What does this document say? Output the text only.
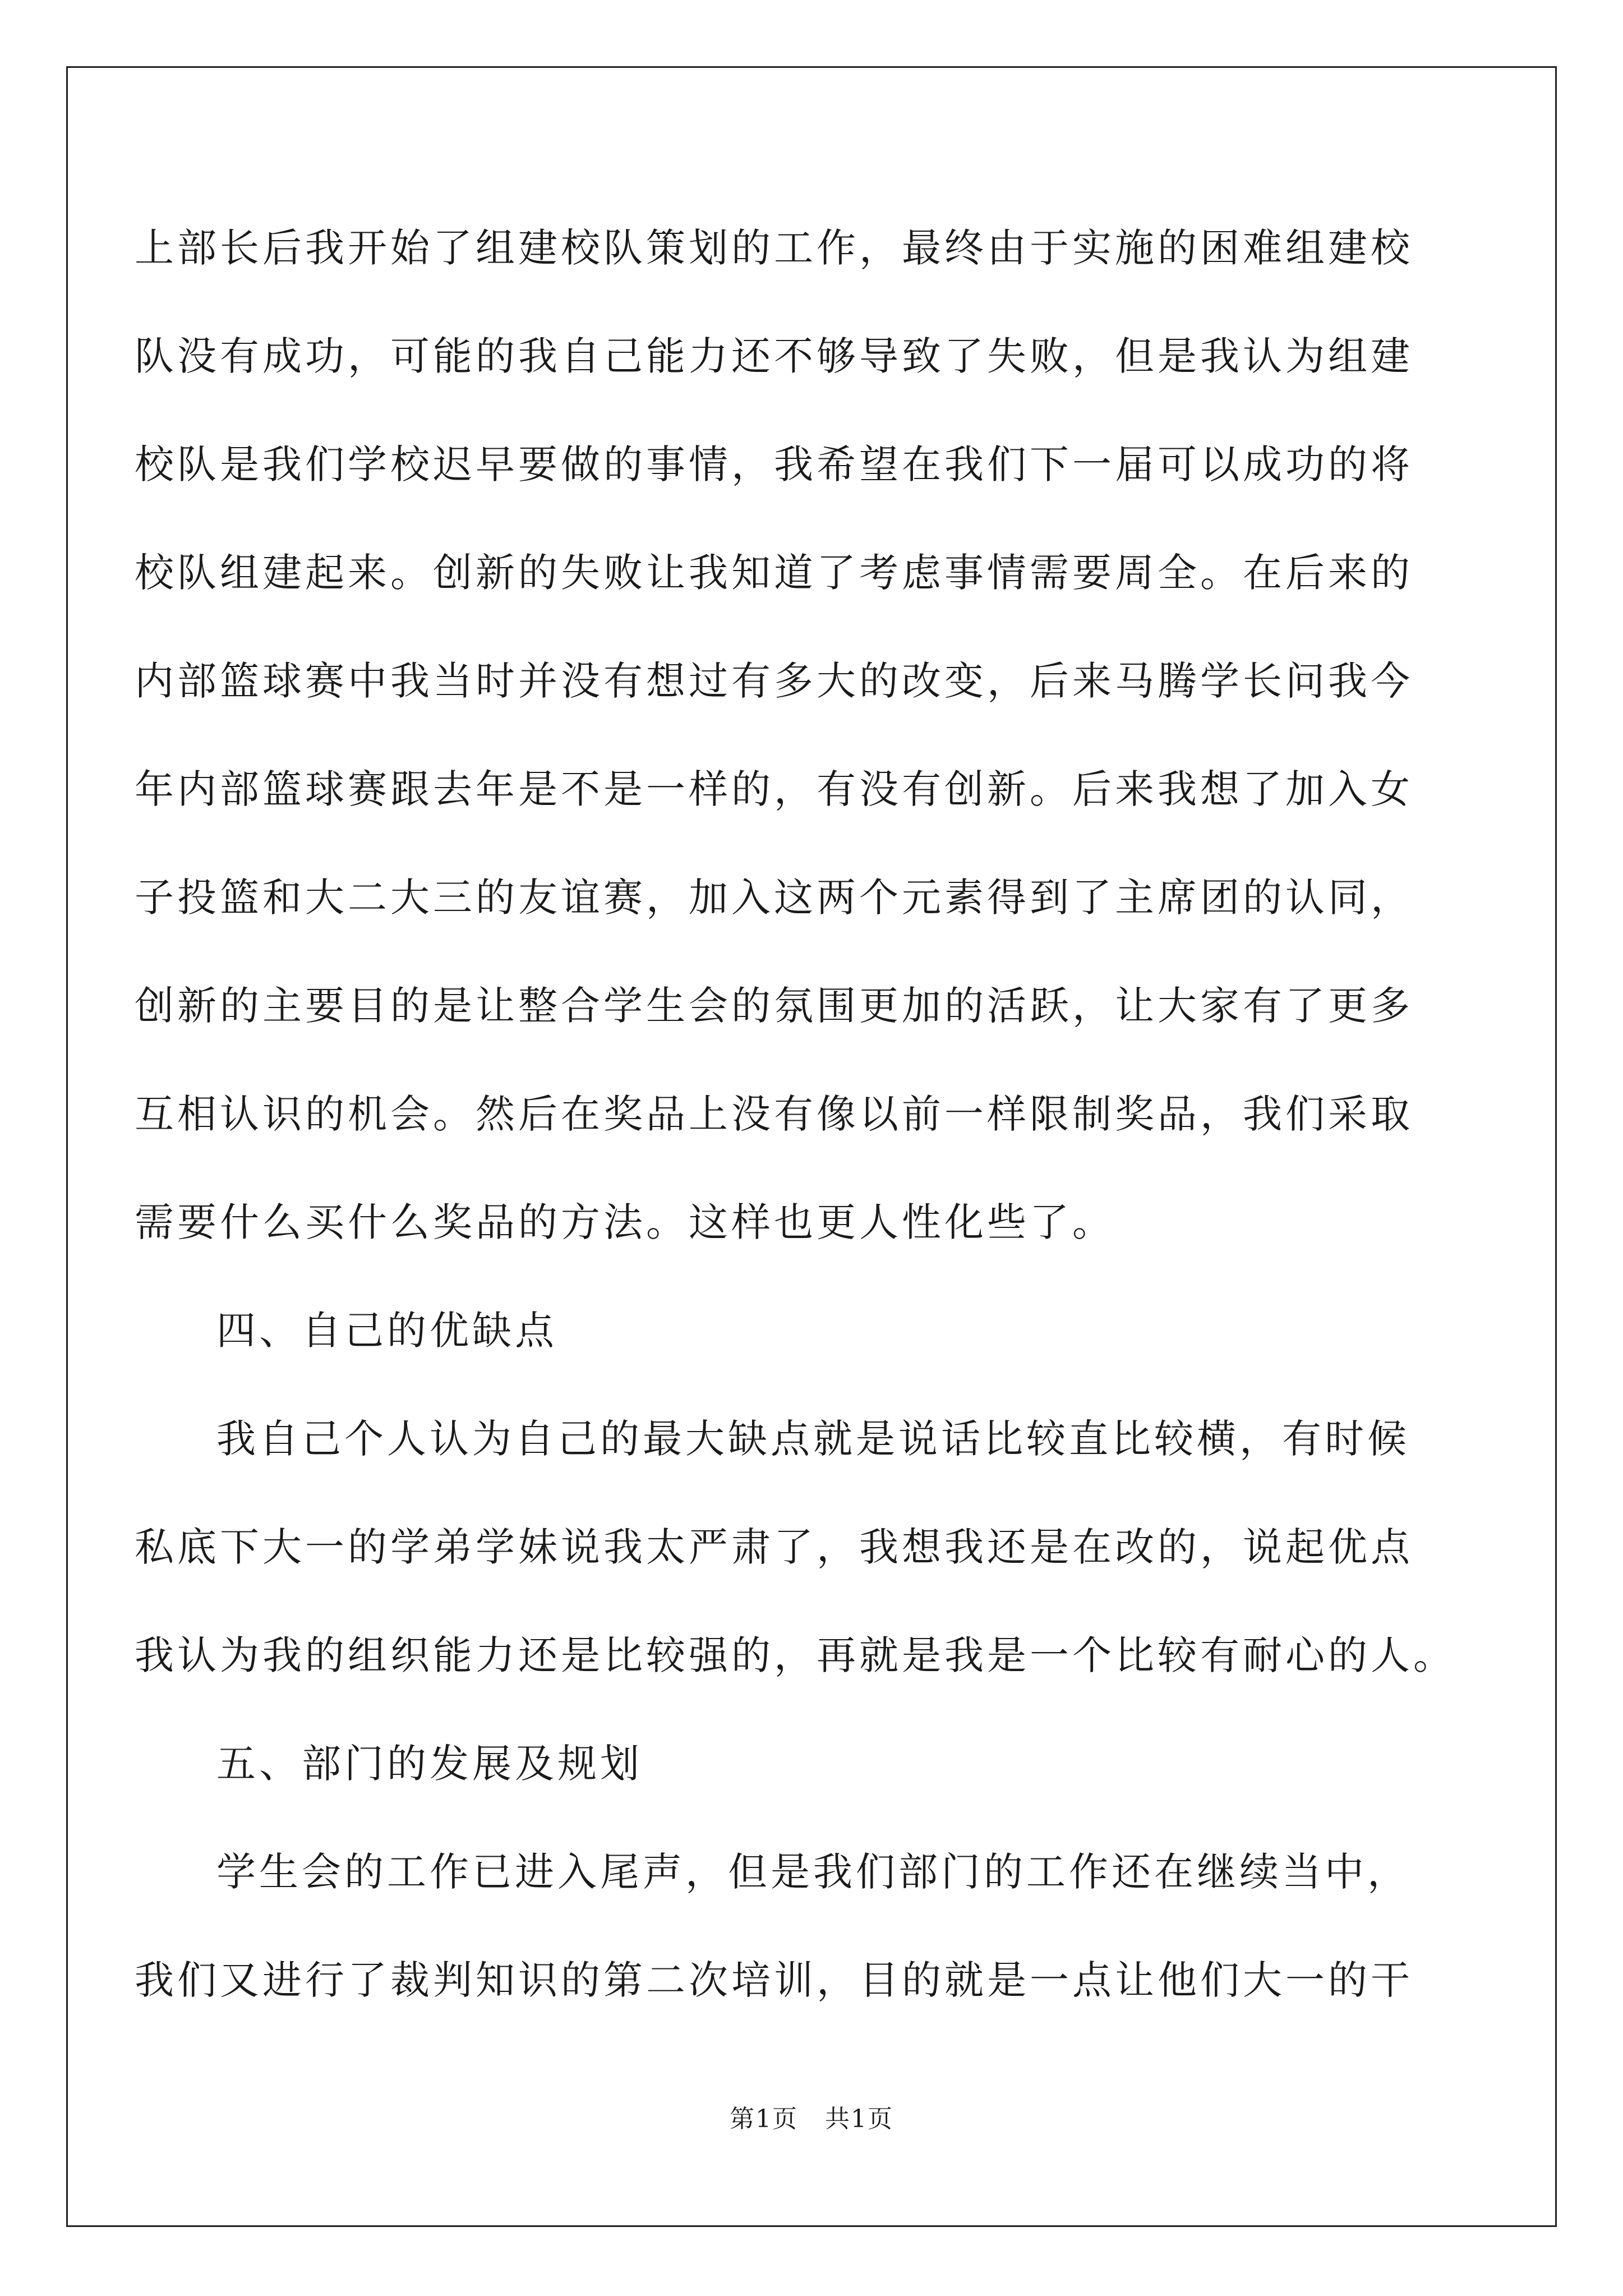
上部长后我开始了组建校队策划的工作，最终由于实施的困难组建校
队没有成功，可能的我自己能力还不够导致了失败，但是我认为组建
校队是我们学校迟早要做的事情，我希望在我们下一届可以成功的将
校队组建起来。创新的失败让我知道了考虑事情需要周全。在后来的
内部篮球赛中我当时并没有想过有多大的改变，后来马腾学长问我今
年内部篮球赛跟去年是不是一样的，有没有创新。后来我想了加入女
子投篮和大二大三的友谊赛，加入这两个元素得到了主席团的认同，
创新的主要目的是让整合学生会的氛围更加的活跃，让大家有了更多
互相认识的机会。然后在奖品上没有像以前一样限制奖品，我们采取
需要什么买什么奖品的方法。这样也更人性化些了。
四、自己的优缺点
我自己个人认为自己的最大缺点就是说话比较直比较横，有时候
私底下大一的学弟学妹说我太严肃了，我想我还是在改的，说起优点
我认为我的组织能力还是比较强的，再就是我是一个比较有耐心的人。
五、部门的发展及规划
学生会的工作已进入尾声，但是我们部门的工作还在继续当中，
我们又进行了裁判知识的第二次培训，目的就是一点让他们大一的干
第1页 共1页
